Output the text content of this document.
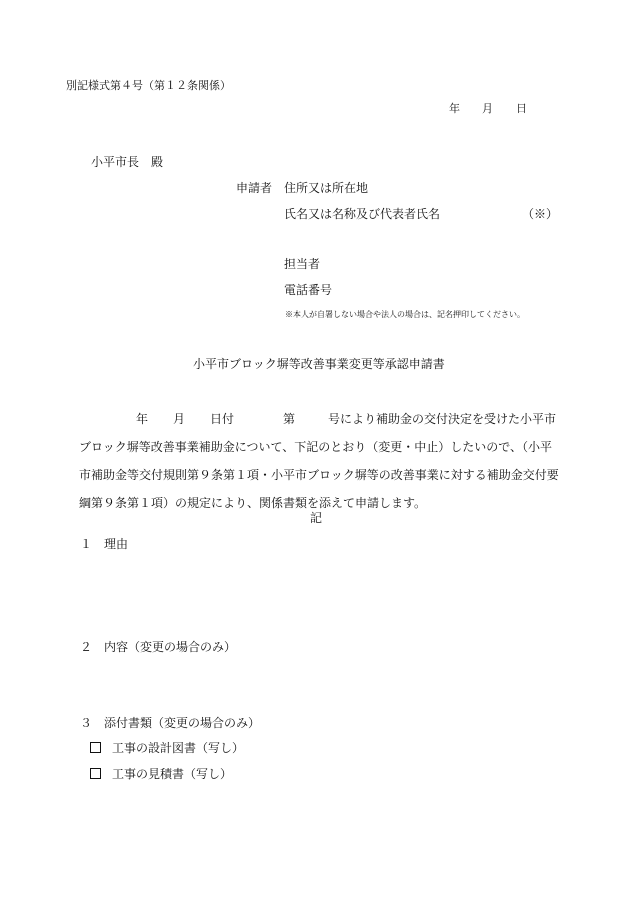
別記様式第４号（第１２条関係）
年 月 日
小平市長　殿
申請者 住所又は所在地
氏名又は名称及び代表者氏名	（※）
担当者
電話番号
※本人が自署しない場合や法人の場合は、記名押印してください。
小平市ブロック塀等改善事業変更等承認申請書
年 月 日付	第	号により補助金の交付決定を受けた小平市
ブロック塀等改善事業補助金について、下記のとおり（変更・中止）したいので、（小平
市補助金等交付規則第９条第１項・小平市ブロック塀等の改善事業に対する補助金交付要
綱第９条第１項）の規定により、関係書類を添えて申請します。
記
１　理由
２　内容（変更の場合のみ）
３　添付書類（変更の場合のみ）
工事の設計図書（写し）
工事の見積書（写し）
